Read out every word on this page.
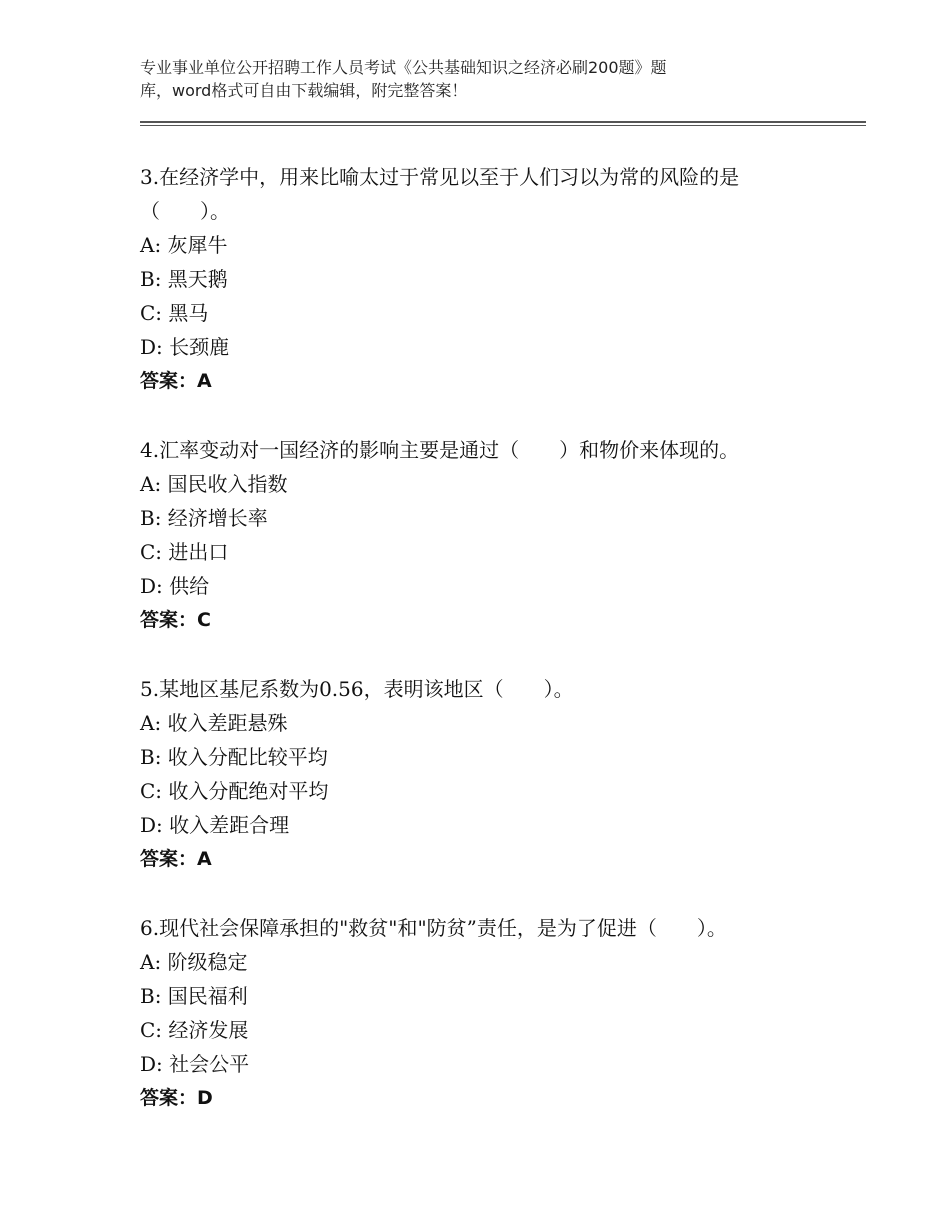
专业事业单位公开招聘工作人员考试《公共基础知识之经济必刷200题》题
库，word格式可自由下载编辑，附完整答案！
3.在经济学中，用来比喻太过于常见以至于人们习以为常的风险的是
（　　）。
A: 灰犀牛
B: 黑天鹅
C: 黑马
D: 长颈鹿
答案：A
4.汇率变动对一国经济的影响主要是通过（　　）和物价来体现的。
A: 国民收入指数
B: 经济增长率
C: 进出口
D: 供给
答案：C
5.某地区基尼系数为0.56，表明该地区（　　）。
A: 收入差距悬殊
B: 收入分配比较平均
C: 收入分配绝对平均
D: 收入差距合理
答案：A
6.现代社会保障承担的"救贫"和"防贫”责任，是为了促进（　　）。
A: 阶级稳定
B: 国民福利
C: 经济发展
D: 社会公平
答案：D
